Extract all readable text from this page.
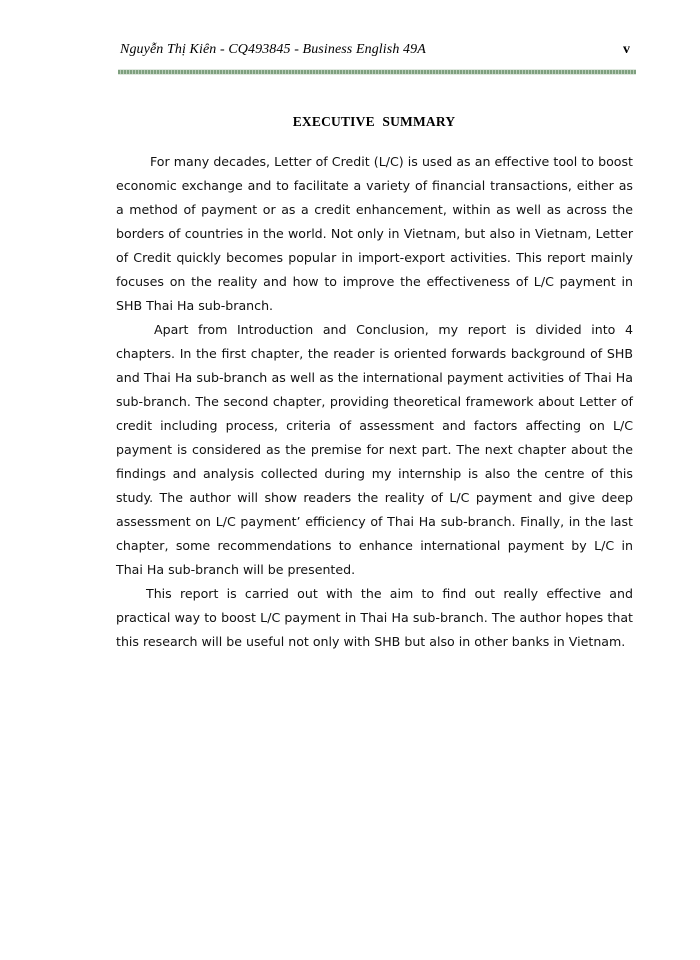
Nguyễn Thị Kiên - CQ493845 - Business English 49A	v
EXECUTIVE SUMMARY

For many decades, Letter of Credit (L/C) is used as an effective tool to boost economic exchange and to facilitate a variety of financial transactions, either as a method of payment or as a credit enhancement, within as well as across the borders of countries in the world. Not only in Vietnam, but also in Vietnam, Letter of Credit quickly becomes popular in import-export activities. This report mainly focuses on the reality and how to improve the effectiveness of L/C payment in SHB Thai Ha sub-branch.

Apart from Introduction and Conclusion, my report is divided into 4 chapters. In the first chapter, the reader is oriented forwards background of SHB and Thai Ha sub-branch as well as the international payment activities of Thai Ha sub-branch. The second chapter, providing theoretical framework about Letter of credit including process, criteria of assessment and factors affecting on L/C payment is considered as the premise for next part. The next chapter about the findings and analysis collected during my internship is also the centre of this study. The author will show readers the reality of L/C payment and give deep assessment on L/C payment’ efficiency of Thai Ha sub-branch. Finally, in the last chapter, some recommendations to enhance international payment by L/C in Thai Ha sub-branch will be presented.

This report is carried out with the aim to find out really effective and practical way to boost L/C payment in Thai Ha sub-branch. The author hopes that this research will be useful not only with SHB but also in other banks in Vietnam.
